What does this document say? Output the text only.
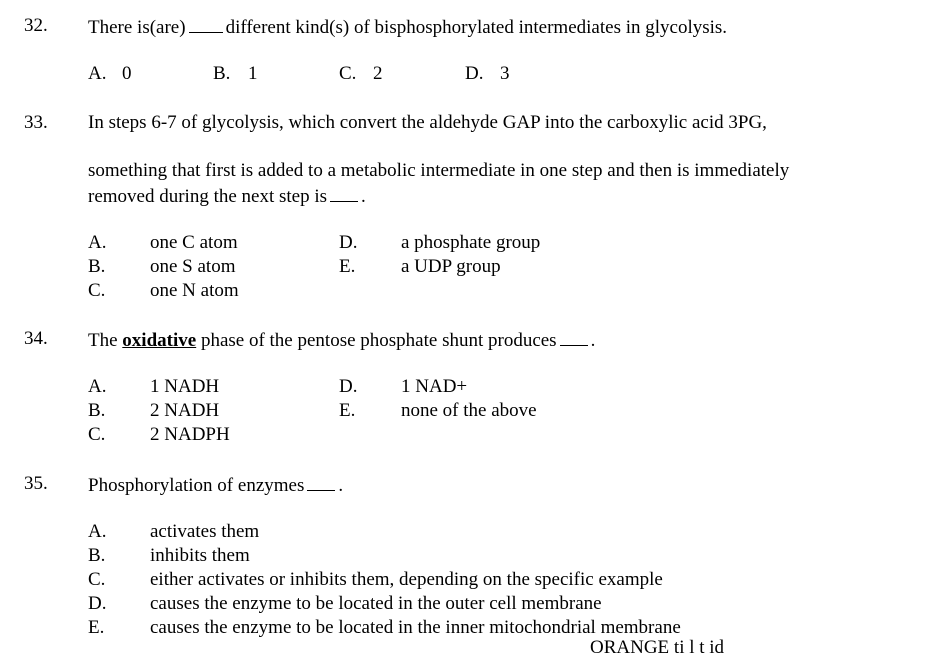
32. There is(are) different kind(s) of bisphosphorylated intermediates in glycolysis.
A. 0	B. 1	C. 2	D. 3
33. In steps 6-7 of glycolysis, which convert the aldehyde GAP into the carboxylic acid 3PG,
something that first is added to a metabolic intermediate in one step and then is immediately
removed during the next step is .
A. one C atom
B. one S atom
C. one N atom
D. a phosphate group
E. a UDP group
34. The oxidative phase of the pentose phosphate shunt produces .
A. 1 NADH
B. 2 NADH
C. 2 NADPH
D. 1 NAD+
E. none of the above
35. Phosphorylation of enzymes .
A. activates them
B. inhibits them
C. either activates or inhibits them, depending on the specific example
D. causes the enzyme to be located in the outer cell membrane
E. causes the enzyme to be located in the inner mitochondrial membrane
ORANGE ti l t id
